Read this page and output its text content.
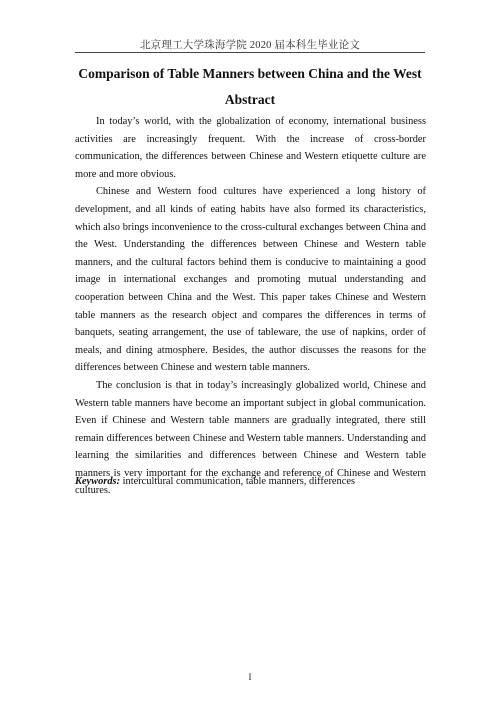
北京理工大学珠海学院 2020 届本科生毕业论文
Comparison of Table Manners between China and the West
Abstract

In today’s world, with the globalization of economy, international business activities are increasingly frequent. With the increase of cross-border communication, the differences between Chinese and Western etiquette culture are more and more obvious.

Chinese and Western food cultures have experienced a long history of development, and all kinds of eating habits have also formed its characteristics, which also brings inconvenience to the cross-cultural exchanges between China and the West. Understanding the differences between Chinese and Western table manners, and the cultural factors behind them is conducive to maintaining a good image in international exchanges and promoting mutual understanding and cooperation between China and the West. This paper takes Chinese and Western table manners as the research object and compares the differences in terms of banquets, seating arrangement, the use of tableware, the use of napkins, order of meals, and dining atmosphere. Besides, the author discusses the reasons for the differences between Chinese and western table manners.

The conclusion is that in today’s increasingly globalized world, Chinese and Western table manners have become an important subject in global communication. Even if Chinese and Western table manners are gradually integrated, there still remain differences between Chinese and Western table manners. Understanding and learning the similarities and differences between Chinese and Western table manners is very important for the exchange and reference of Chinese and Western cultures.

Keywords: intercultural communication, table manners, differences

I
